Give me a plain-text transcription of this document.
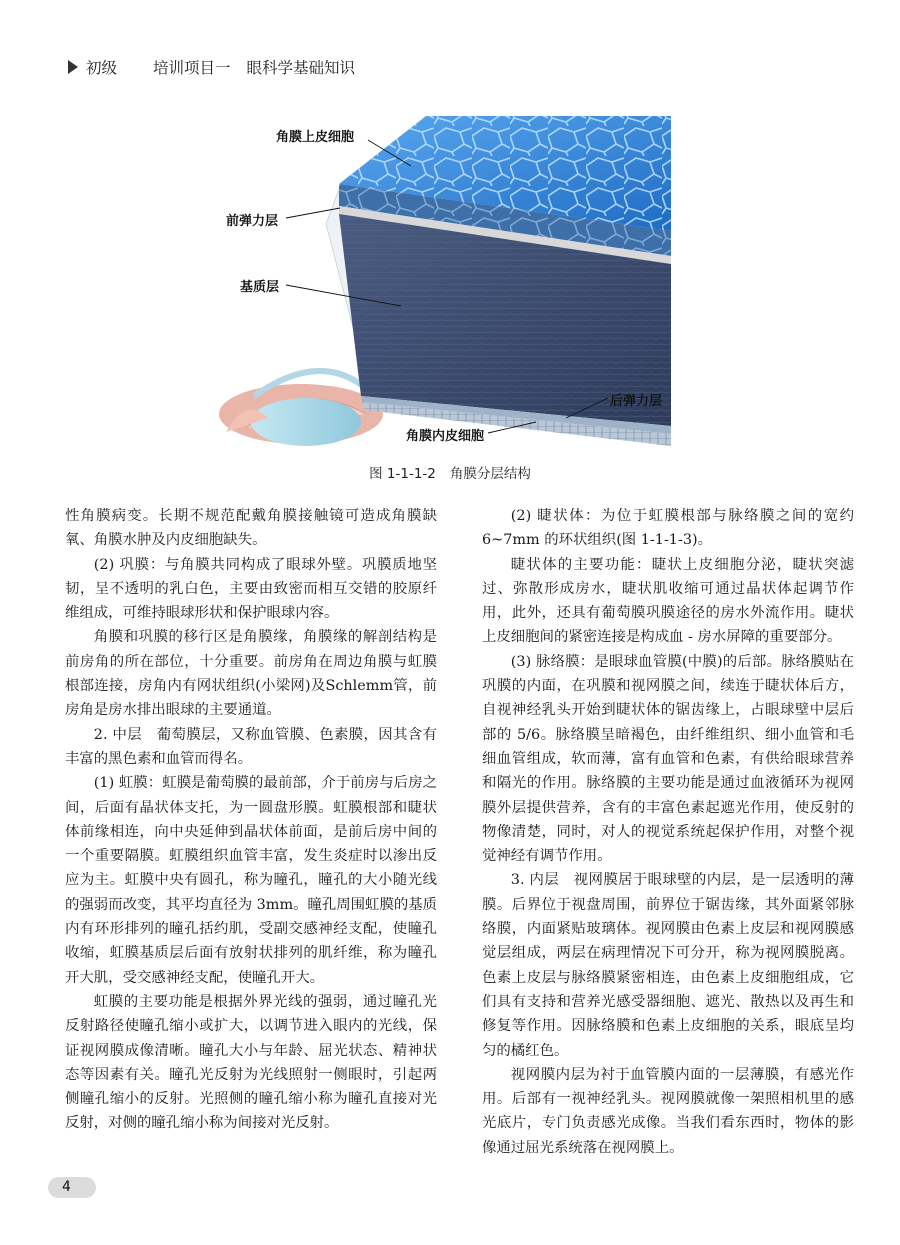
初级 培训项目一 眼科学基础知识
角膜上皮细胞
前弹力层
基质层
后弹力层
角膜内皮细胞
图 1-1-1-2 角膜分层结构

性角膜病变。长期不规范配戴角膜接触镜可造成角膜缺氧、角膜水肿及内皮细胞缺失。

(2) 巩膜：与角膜共同构成了眼球外壁。巩膜质地坚韧，呈不透明的乳白色，主要由致密而相互交错的胶原纤维组成，可维持眼球形状和保护眼球内容。

角膜和巩膜的移行区是角膜缘，角膜缘的解剖结构是前房角的所在部位，十分重要。前房角在周边角膜与虹膜根部连接，房角内有网状组织(小梁网)及Schlemm管，前房角是房水排出眼球的主要通道。

2. 中层　葡萄膜层，又称血管膜、色素膜，因其含有丰富的黑色素和血管而得名。

(1) 虹膜：虹膜是葡萄膜的最前部，介于前房与后房之间，后面有晶状体支托，为一圆盘形膜。虹膜根部和睫状体前缘相连，向中央延伸到晶状体前面，是前后房中间的一个重要隔膜。虹膜组织血管丰富，发生炎症时以渗出反应为主。虹膜中央有圆孔，称为瞳孔，瞳孔的大小随光线的强弱而改变，其平均直径为 3mm。瞳孔周围虹膜的基质内有环形排列的瞳孔括约肌，受副交感神经支配，使瞳孔收缩，虹膜基质层后面有放射状排列的肌纤维，称为瞳孔开大肌，受交感神经支配，使瞳孔开大。

虹膜的主要功能是根据外界光线的强弱，通过瞳孔光反射路径使瞳孔缩小或扩大，以调节进入眼内的光线，保证视网膜成像清晰。瞳孔大小与年龄、屈光状态、精神状态等因素有关。瞳孔光反射为光线照射一侧眼时，引起两侧瞳孔缩小的反射。光照侧的瞳孔缩小称为瞳孔直接对光反射，对侧的瞳孔缩小称为间接对光反射。

(2) 睫状体：为位于虹膜根部与脉络膜之间的宽约 6~7mm 的环状组织(图 1-1-1-3)。

睫状体的主要功能：睫状上皮细胞分泌，睫状突滤过、弥散形成房水，睫状肌收缩可通过晶状体起调节作用，此外，还具有葡萄膜巩膜途径的房水外流作用。睫状上皮细胞间的紧密连接是构成血 - 房水屏障的重要部分。

(3) 脉络膜：是眼球血管膜(中膜)的后部。脉络膜贴在巩膜的内面，在巩膜和视网膜之间，续连于睫状体后方，自视神经乳头开始到睫状体的锯齿缘上，占眼球壁中层后部的 5/6。脉络膜呈暗褐色，由纤维组织、细小血管和毛细血管组成，软而薄，富有血管和色素，有供给眼球营养和隔光的作用。脉络膜的主要功能是通过血液循环为视网膜外层提供营养，含有的丰富色素起遮光作用，使反射的物像清楚，同时，对人的视觉系统起保护作用，对整个视觉神经有调节作用。

3. 内层　视网膜居于眼球壁的内层，是一层透明的薄膜。后界位于视盘周围，前界位于锯齿缘，其外面紧邻脉络膜，内面紧贴玻璃体。视网膜由色素上皮层和视网膜感觉层组成，两层在病理情况下可分开，称为视网膜脱离。色素上皮层与脉络膜紧密相连，由色素上皮细胞组成，它们具有支持和营养光感受器细胞、遮光、散热以及再生和修复等作用。因脉络膜和色素上皮细胞的关系，眼底呈均匀的橘红色。

视网膜内层为衬于血管膜内面的一层薄膜，有感光作用。后部有一视神经乳头。视网膜就像一架照相机里的感光底片，专门负责感光成像。当我们看东西时，物体的影像通过屈光系统落在视网膜上。

4
